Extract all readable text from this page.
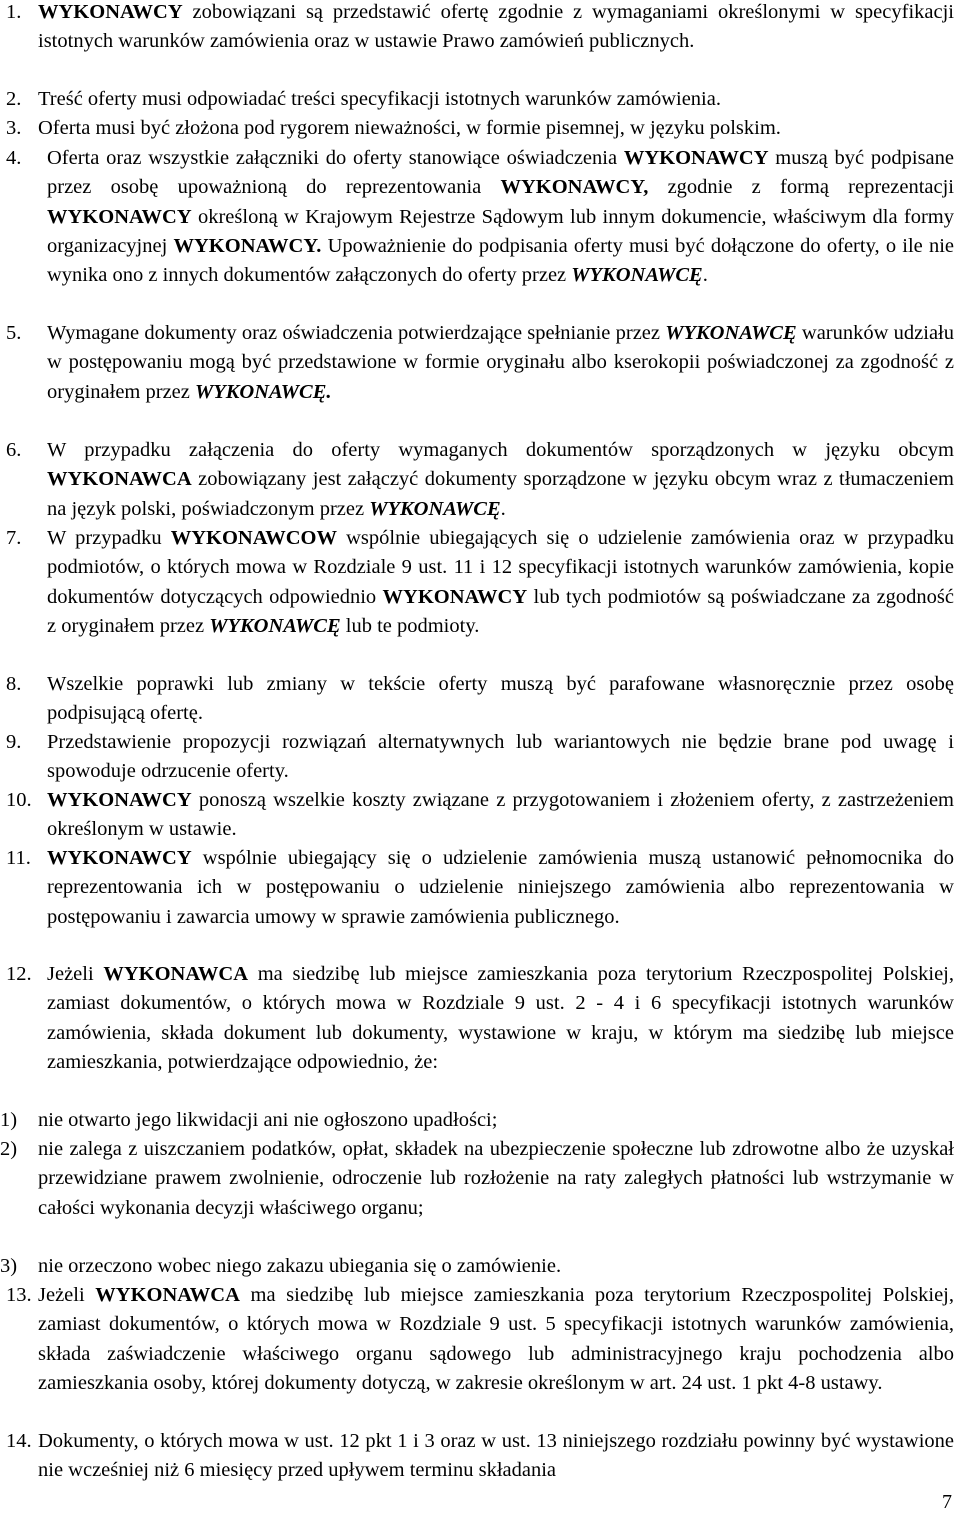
1. WYKONAWCY zobowiązani są przedstawić ofertę zgodnie z wymaganiami określonymi w specyfikacji istotnych warunków zamówienia oraz w ustawie Prawo zamówień publicznych.
2. Treść oferty musi odpowiadać treści specyfikacji istotnych warunków zamówienia.
3. Oferta musi być złożona pod rygorem nieważności, w formie pisemnej, w języku polskim.
4.	Oferta oraz wszystkie załączniki do oferty stanowiące oświadczenia WYKONAWCY muszą być podpisane przez osobę upoważnioną do reprezentowania WYKONAWCY, zgodnie z formą reprezentacji WYKONAWCY określoną w Krajowym Rejestrze Sądowym lub innym dokumencie, właściwym dla formy organizacyjnej WYKONAWCY. Upoważnienie do podpisania oferty musi być dołączone do oferty, o ile nie wynika ono z innych dokumentów załączonych do oferty przez WYKONAWCĘ.
5.	Wymagane dokumenty oraz oświadczenia potwierdzające spełnianie przez WYKONAWCĘ warunków udziału w postępowaniu mogą być przedstawione w formie oryginału albo kserokopii poświadczonej za zgodność z oryginałem przez WYKONAWCĘ.
6.	W przypadku załączenia do oferty wymaganych dokumentów sporządzonych w języku obcym WYKONAWCA zobowiązany jest załączyć dokumenty sporządzone w języku obcym wraz z tłumaczeniem na język polski, poświadczonym przez WYKONAWCĘ.
7.	W przypadku WYKONAWCOW wspólnie ubiegających się o udzielenie zamówienia oraz w przypadku podmiotów, o których mowa w Rozdziale 9 ust. 11 i 12 specyfikacji istotnych warunków zamówienia, kopie dokumentów dotyczących odpowiednio WYKONAWCY lub tych podmiotów są poświadczane za zgodność z oryginałem przez WYKONAWCĘ lub te podmioty.
8.	Wszelkie poprawki lub zmiany w tekście oferty muszą być parafowane własnoręcznie przez osobę podpisującą ofertę.
9.	Przedstawienie propozycji rozwiązań alternatywnych lub wariantowych nie będzie brane pod uwagę i spowoduje odrzucenie oferty.
10. WYKONAWCY ponoszą wszelkie koszty związane z przygotowaniem i złożeniem oferty, z zastrzeżeniem określonym w ustawie.
11. WYKONAWCY wspólnie ubiegający się o udzielenie zamówienia muszą ustanowić pełnomocnika do reprezentowania ich w postępowaniu o udzielenie niniejszego zamówienia albo reprezentowania w postępowaniu i zawarcia umowy w sprawie zamówienia publicznego.
12. Jeżeli WYKONAWCA ma siedzibę lub miejsce zamieszkania poza terytorium Rzeczpospolitej Polskiej, zamiast dokumentów, o których mowa w Rozdziale 9 ust. 2 - 4 i 6 specyfikacji istotnych warunków zamówienia, składa dokument lub dokumenty, wystawione w kraju, w którym ma siedzibę lub miejsce zamieszkania, potwierdzające odpowiednio, że:
1)	nie otwarto jego likwidacji ani nie ogłoszono upadłości;
2)	nie zalega z uiszczaniem podatków, opłat, składek na ubezpieczenie społeczne lub zdrowotne albo że uzyskał przewidziane prawem zwolnienie, odroczenie lub rozłożenie na raty zaległych płatności lub wstrzymanie w całości wykonania decyzji właściwego organu;
3)	nie orzeczono wobec niego zakazu ubiegania się o zamówienie.
13. Jeżeli WYKONAWCA ma siedzibę lub miejsce zamieszkania poza terytorium Rzeczpospolitej Polskiej, zamiast dokumentów, o których mowa w Rozdziale 9 ust. 5 specyfikacji istotnych warunków zamówienia, składa zaświadczenie właściwego organu sądowego lub administracyjnego kraju pochodzenia albo zamieszkania osoby, której dokumenty dotyczą, w zakresie określonym w art. 24 ust. 1 pkt 4-8 ustawy.
14. Dokumenty, o których mowa w ust. 12 pkt 1 i 3 oraz w ust. 13 niniejszego rozdziału powinny być wystawione nie wcześniej niż 6 miesięcy przed upływem terminu składania
7
